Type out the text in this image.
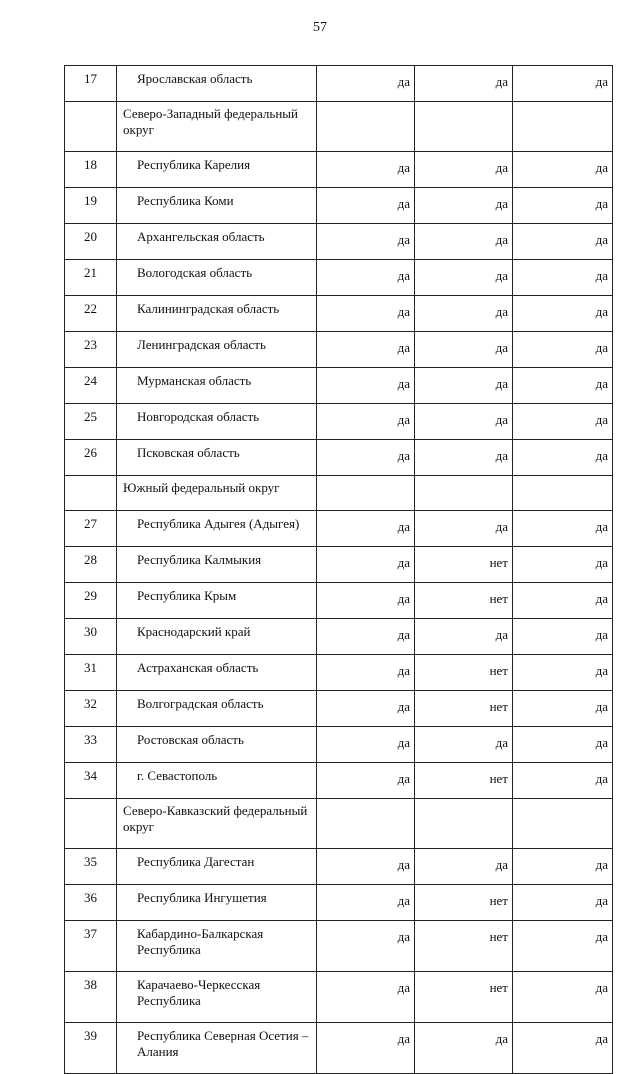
57
17	Ярославская область	да	да	да
	Северо-Западный федеральный округ			
18	Республика Карелия	да	да	да
19	Республика Коми	да	да	да
20	Архангельская область	да	да	да
21	Вологодская область	да	да	да
22	Калининградская область	да	да	да
23	Ленинградская область	да	да	да
24	Мурманская область	да	да	да
25	Новгородская область	да	да	да
26	Псковская область	да	да	да
	Южный федеральный округ			
27	Республика Адыгея (Адыгея)	да	да	да
28	Республика Калмыкия	да	нет	да
29	Республика Крым	да	нет	да
30	Краснодарский край	да	да	да
31	Астраханская область	да	нет	да
32	Волгоградская область	да	нет	да
33	Ростовская область	да	да	да
34	г. Севастополь	да	нет	да
	Северо-Кавказский федеральный округ			
35	Республика Дагестан	да	да	да
36	Республика Ингушетия	да	нет	да
37	Кабардино-Балкарская Республика	да	нет	да
38	Карачаево-Черкесская Республика	да	нет	да
39	Республика Северная Осетия – Алания	да	да	да
